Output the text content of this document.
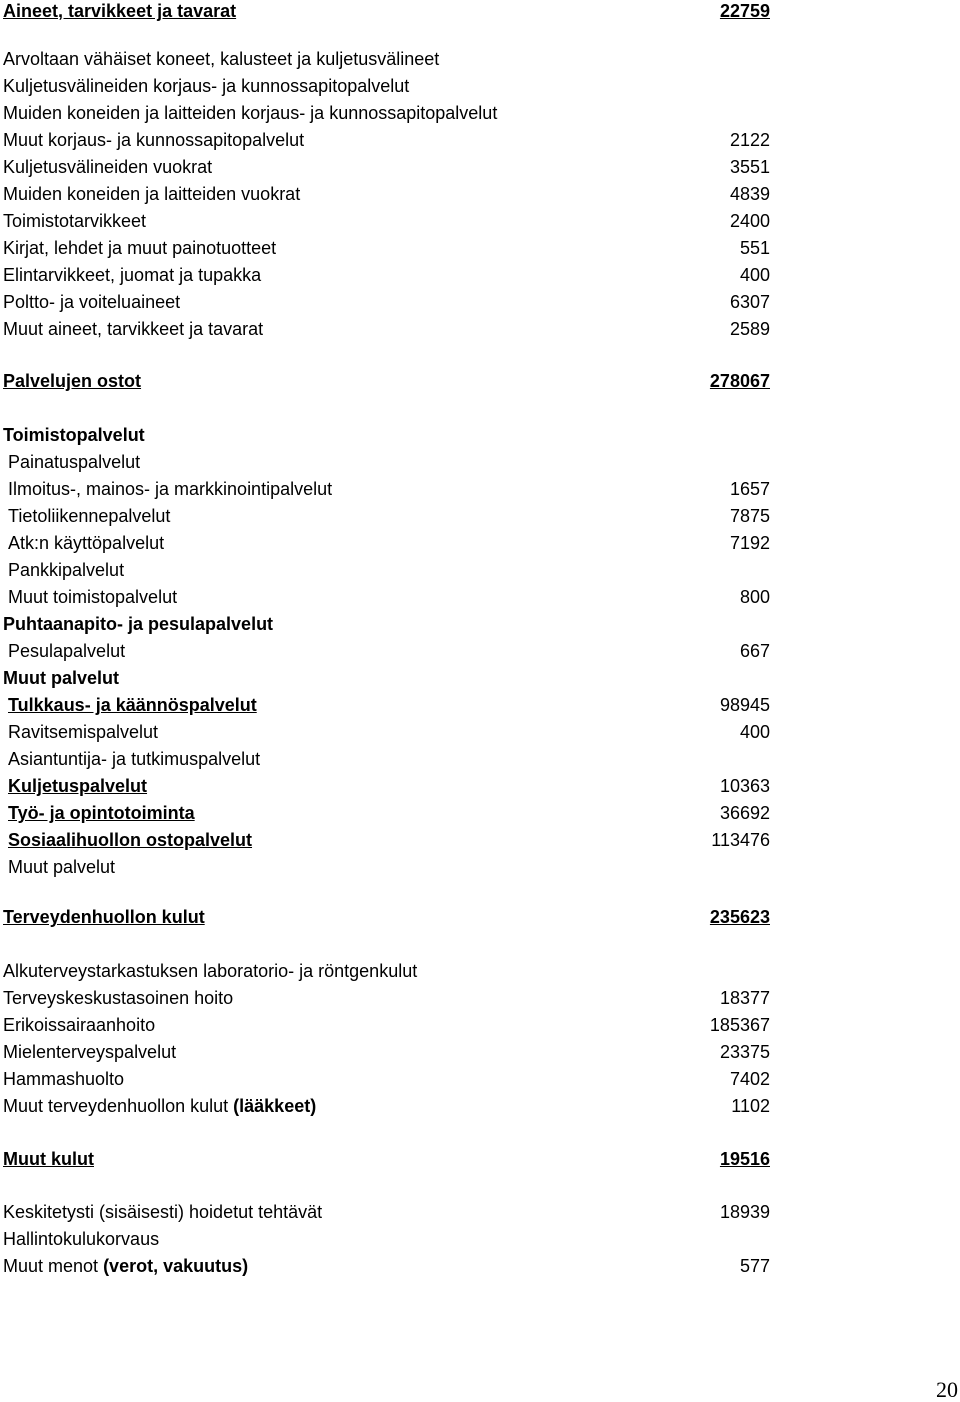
Aineet, tarvikkeet ja tavarat	22759
Arvoltaan vähäiset koneet, kalusteet ja kuljetusvälineet
Kuljetusvälineiden korjaus- ja kunnossapitopalvelut
Muiden koneiden ja laitteiden korjaus- ja kunnossapitopalvelut
Muut korjaus- ja kunnossapitopalvelut	2122
Kuljetusvälineiden vuokrat	3551
Muiden koneiden ja laitteiden vuokrat	4839
Toimistotarvikkeet	2400
Kirjat, lehdet ja muut painotuotteet	551
Elintarvikkeet, juomat ja tupakka	400
Poltto- ja voiteluaineet	6307
Muut aineet, tarvikkeet ja tavarat	2589
Palvelujen ostot	278067
Toimistopalvelut
Painatuspalvelut
Ilmoitus-, mainos- ja markkinointipalvelut	1657
Tietoliikennepalvelut	7875
Atk:n käyttöpalvelut	7192
Pankkipalvelut
Muut toimistopalvelut	800
Puhtaanapito- ja pesulapalvelut
Pesulapalvelut	667
Muut palvelut
Tulkkaus- ja käännöspalvelut	98945
Ravitsemispalvelut	400
Asiantuntija- ja tutkimuspalvelut
Kuljetuspalvelut	10363
Työ- ja opintotoiminta	36692
Sosiaalihuollon ostopalvelut	113476
Muut palvelut
Terveydenhuollon kulut	235623
Alkuterveystarkastuksen laboratorio- ja röntgenkulut
Terveyskeskustasoinen hoito	18377
Erikoissairaanhoito	185367
Mielenterveyspalvelut	23375
Hammashuolto	7402
Muut terveydenhuollon kulut (lääkkeet)	1102
Muut kulut	19516
Keskitetysti (sisäisesti) hoidetut tehtävät	18939
Hallintokulukorvaus
Muut menot (verot, vakuutus)	577
20
